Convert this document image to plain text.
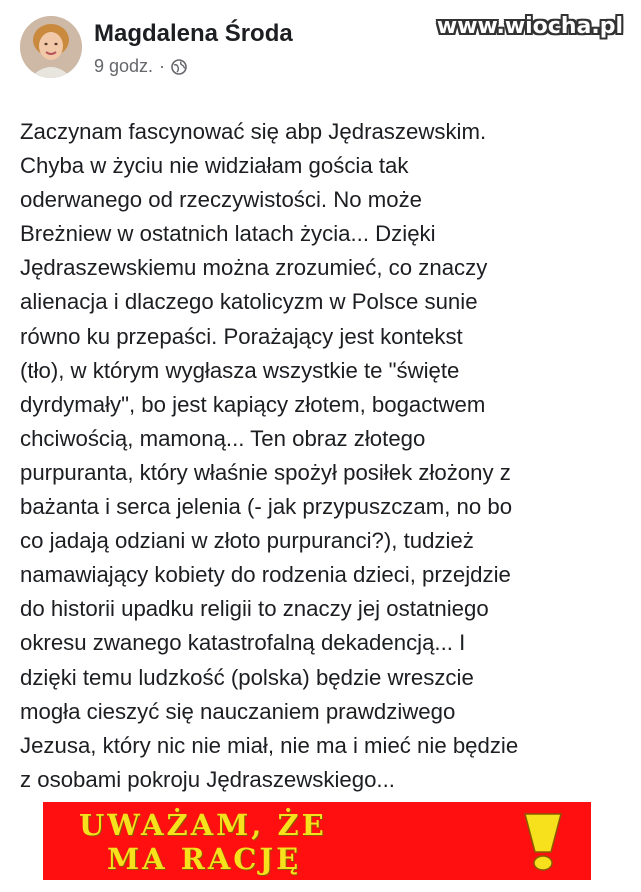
Magdalena Środa
9 godz. ·
www.wiocha.pl
Zaczynam fascynować się abp Jędraszewskim.
Chyba w życiu nie widziałam gościa tak
oderwanego od rzeczywistości. No może
Breżniew w ostatnich latach życia... Dzięki
Jędraszewskiemu można zrozumieć, co znaczy
alienacja i dlaczego katolicyzm w Polsce sunie
równo ku przepaści. Porażający jest kontekst
(tło), w którym wygłasza wszystkie te "święte
dyrdymały", bo jest kapiący złotem, bogactwem
chciwością, mamoną... Ten obraz złotego
purpuranta, który właśnie spożył posiłek złożony z
bażanta i serca jelenia (- jak przypuszczam, no bo
co jadają odziani w złoto purpuranci?), tudzież
namawiający kobiety do rodzenia dzieci, przejdzie
do historii upadku religii to znaczy jej ostatniego
okresu zwanego katastrofalną dekadencją... I
dzięki temu ludzkość (polska) będzie wreszcie
mogła cieszyć się nauczaniem prawdziwego
Jezusa, który nic nie miał, nie ma i mieć nie będzie
z osobami pokroju Jędraszewskiego...
UWAŻAM, ŻE
MA RACJĘ
